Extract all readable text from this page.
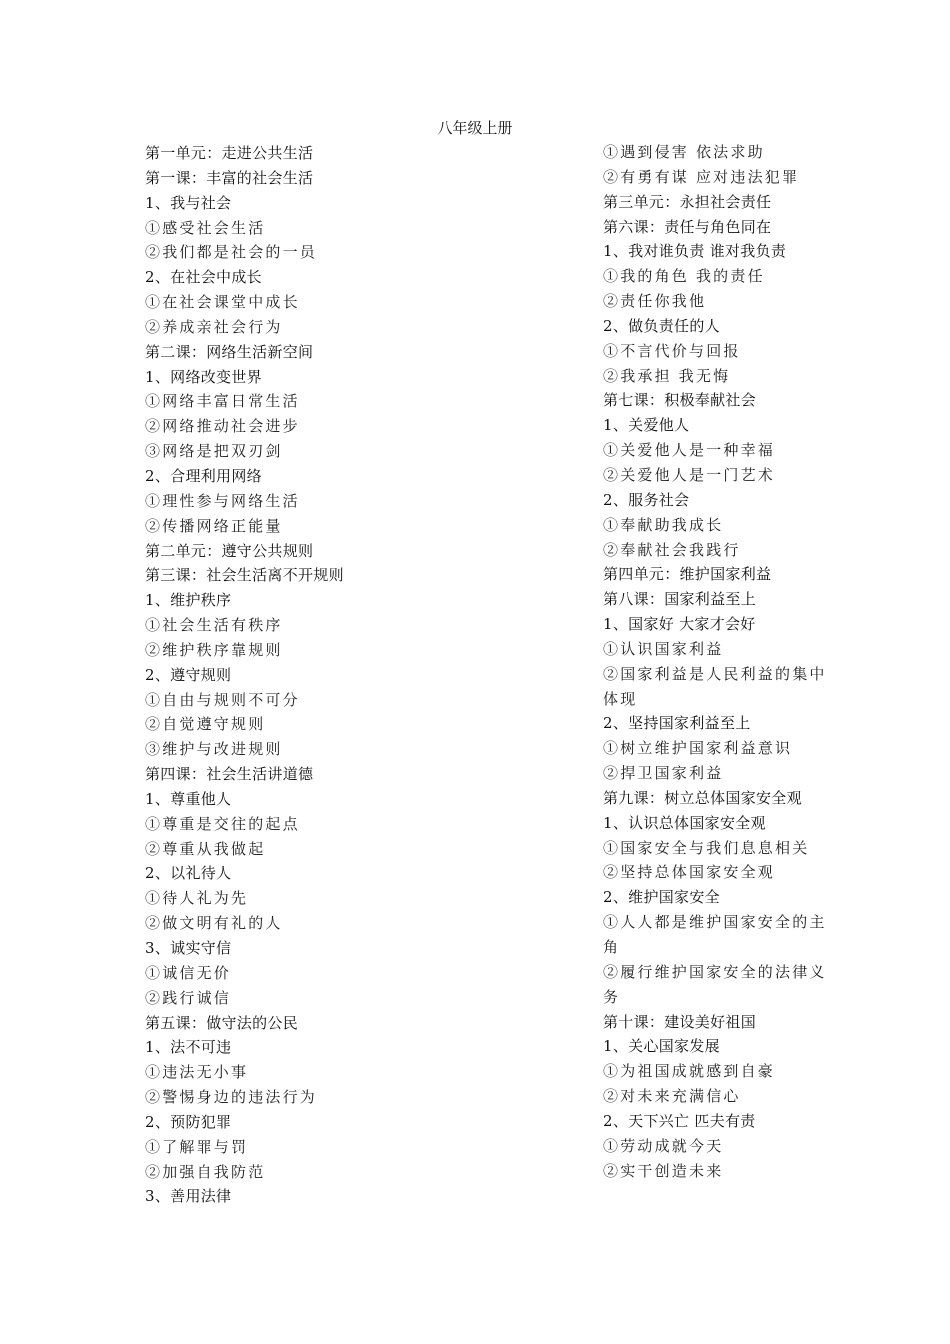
八年级上册
第一单元：走进公共生活
第一课：丰富的社会生活
1、我与社会
①感受社会生活
②我们都是社会的一员
2、在社会中成长
①在社会课堂中成长
②养成亲社会行为
第二课：网络生活新空间
1、网络改变世界
①网络丰富日常生活
②网络推动社会进步
③网络是把双刃剑
2、合理利用网络
①理性参与网络生活
②传播网络正能量
第二单元：遵守公共规则
第三课：社会生活离不开规则
1、维护秩序
①社会生活有秩序
②维护秩序靠规则
2、遵守规则
①自由与规则不可分
②自觉遵守规则
③维护与改进规则
第四课：社会生活讲道德
1、尊重他人
①尊重是交往的起点
②尊重从我做起
2、以礼待人
①待人礼为先
②做文明有礼的人
3、诚实守信
①诚信无价
②践行诚信
第五课：做守法的公民
1、法不可违
①违法无小事
②警惕身边的违法行为
2、预防犯罪
①了解罪与罚
②加强自我防范
3、善用法律
①遇到侵害 依法求助
②有勇有谋 应对违法犯罪
第三单元：永担社会责任
第六课：责任与角色同在
1、我对谁负责 谁对我负责
①我的角色 我的责任
②责任你我他
2、做负责任的人
①不言代价与回报
②我承担 我无悔
第七课：积极奉献社会
1、关爱他人
①关爱他人是一种幸福
②关爱他人是一门艺术
2、服务社会
①奉献助我成长
②奉献社会我践行
第四单元：维护国家利益
第八课：国家利益至上
1、国家好 大家才会好
①认识国家利益
②国家利益是人民利益的集中
体现
2、坚持国家利益至上
①树立维护国家利益意识
②捍卫国家利益
第九课：树立总体国家安全观
1、认识总体国家安全观
①国家安全与我们息息相关
②坚持总体国家安全观
2、维护国家安全
①人人都是维护国家安全的主
角
②履行维护国家安全的法律义
务
第十课：建设美好祖国
1、关心国家发展
①为祖国成就感到自豪
②对未来充满信心
2、天下兴亡 匹夫有责
①劳动成就今天
②实干创造未来
